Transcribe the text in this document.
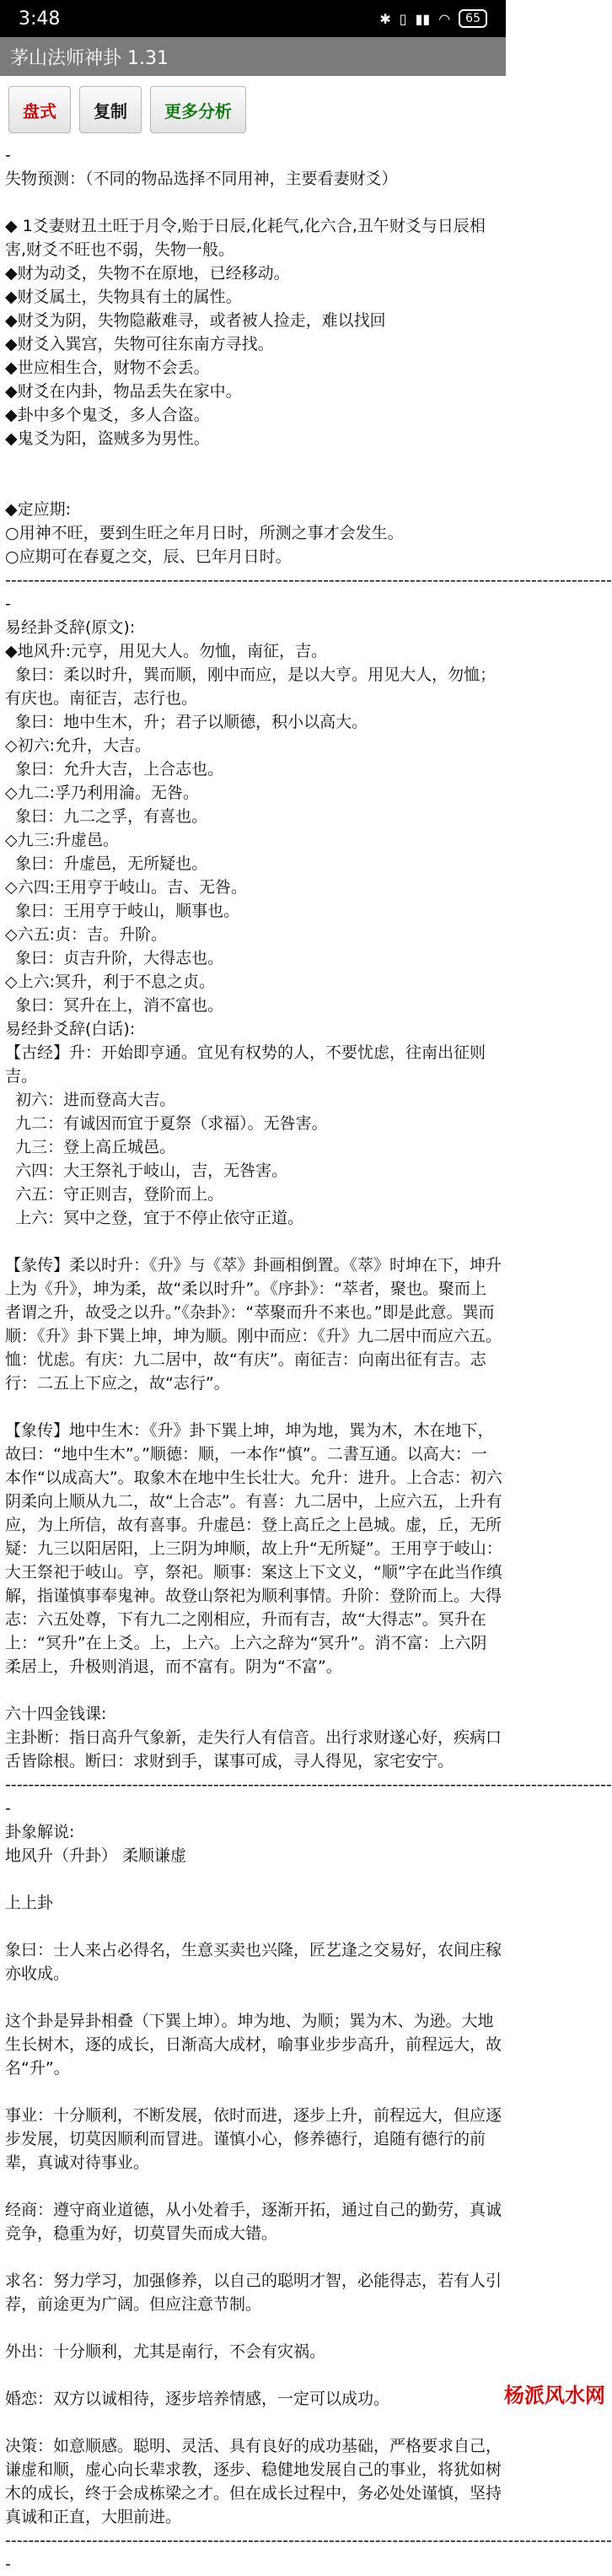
3:48	✱ ▯ ▮▮ ◠	65
茅山法师神卦 1.31
盘式	复制	更多分析

-

失物预测：（不同的物品选择不同用神，主要看妻财爻）

◆ 1爻妻财丑土旺于月令,贻于日辰,化耗气,化六合,丑午财爻与日辰相害,财爻不旺也不弱，失物一般。

◆财为动爻，失物不在原地，已经移动。

◆财爻属土，失物具有土的属性。

◆财爻为阴，失物隐蔽难寻，或者被人捡走，难以找回

◆财爻入巽宫，失物可往东南方寻找。

◆世应相生合，财物不会丢。

◆财爻在内卦，物品丢失在家中。

◆卦中多个鬼爻，多人合盗。

◆鬼爻为阳，盗贼多为男性。

◆定应期:

○用神不旺，要到生旺之年月日时，所测之事才会发生。

○应期可在春夏之交，辰、巳年月日时。

---------------------------------------------------------------------------------------------------------

-

易经卦爻辞(原文):

◆地风升:元亨，用见大人。勿恤，南征，吉。

象曰：柔以时升，巽而顺，刚中而应，是以大亨。用见大人，勿恤；有庆也。南征吉，志行也。

象曰：地中生木，升；君子以顺德，积小以高大。

◇初六:允升，大吉。

象曰：允升大吉，上合志也。

◇九二:孚乃利用淪。无咎。

象曰：九二之孚，有喜也。

◇九三:升虚邑。

象曰：升虚邑，无所疑也。

◇六四:王用亨于岐山。吉、无咎。

象曰：王用亨于岐山，顺事也。

◇六五:贞：吉。升阶。

象曰：贞吉升阶，大得志也。

◇上六:冥升，利于不息之贞。

象曰：冥升在上，消不富也。

易经卦爻辞(白话):

【古经】升：开始即亨通。宜见有权势的人，不要忧虑，往南出征则吉。

初六：进而登高大吉。

九二：有诚因而宜于夏祭（求福）。无咎害。

九三：登上高丘城邑。

六四：大王祭礼于岐山，吉，无咎害。

六五：守正则吉，登阶而上。

上六：冥中之登，宜于不停止依守正道。

【彖传】柔以时升：《升》与《萃》卦画相倒置。《萃》时坤在下，坤升上为《升》，坤为柔，故“柔以时升”。《序卦》：“萃者，聚也。聚而上者谓之升，故受之以升。”《杂卦》：“萃聚而升不来也。”即是此意。巽而顺：《升》卦下巽上坤，坤为顺。刚中而应：《升》九二居中而应六五。恤：忧虑。有庆：九二居中，故“有庆”。南征吉：向南出征有吉。志行：二五上下应之，故“志行”。

【象传】地中生木：《升》卦下巽上坤，坤为地，巽为木，木在地下，故曰：“地中生木”。”顺德：顺，一本作“慎”。二書互通。以高大：一本作“以成高大”。取象木在地中生长壮大。允升：进升。上合志：初六阴柔向上顺从九二，故“上合志”。有喜：九二居中，上应六五，上升有应，为上所信，故有喜事。升虚邑：登上高丘之上邑城。虚，丘，无所疑：九三以阳居阳，上三阴为坤顺，故上升“无所疑”。王用亨于岐山：大王祭祀于岐山。亨，祭祀。顺事：案这上下文义，“顺”字在此当作缜解，指谨慎事奉鬼神。故登山祭祀为顺利事情。升阶：登阶而上。大得志：六五处尊，下有九二之刚相应，升而有吉，故“大得志”。冥升在上：“冥升”在上爻。上，上六。上六之辞为“冥升”。消不富：上六阴柔居上，升极则消退，而不富有。阴为“不富”。

六十四金钱课:

主卦断：指日高升气象新，走失行人有信音。出行求财遂心好，疾病口舌皆除根。断曰：求财到手，谋事可成，寻人得见，家宅安宁。

---------------------------------------------------------------------------------------------------------

-

卦象解说:

地风升（升卦） 柔顺谦虚

上上卦

象曰：士人来占必得名，生意买卖也兴隆，匠艺逢之交易好，农间庄稼亦收成。

这个卦是异卦相叠（下巽上坤）。坤为地、为顺；巽为木、为逊。大地生长树木，逐的成长，日渐高大成材，喻事业步步高升，前程远大，故名“升”。

事业：十分顺利，不断发展，依时而进，逐步上升，前程远大，但应逐步发展，切莫因顺利而冒进。谨慎小心，修养德行，追随有德行的前辈，真诚对待事业。

经商：遵守商业道德，从小处着手，逐渐开拓，通过自己的勤劳，真诚竞争，稳重为好，切莫冒失而成大错。

求名：努力学习，加强修养，以自己的聪明才智，必能得志，若有人引荐，前途更为广阔。但应注意节制。

外出：十分顺利，尤其是南行，不会有灾祸。

婚恋：双方以诚相待，逐步培养情感，一定可以成功。

决策：如意顺感。聪明、灵活、具有良好的成功基础，严格要求自己，谦虚和顺，虚心向长辈求教，逐步、稳健地发展自己的事业，将犹如树木的成长，终于会成栋梁之才。但在成长过程中，务必处处谨慎，坚持真诚和正直，大胆前进。

---------------------------------------------------------------------------------------------------------

-

杨派风水网
